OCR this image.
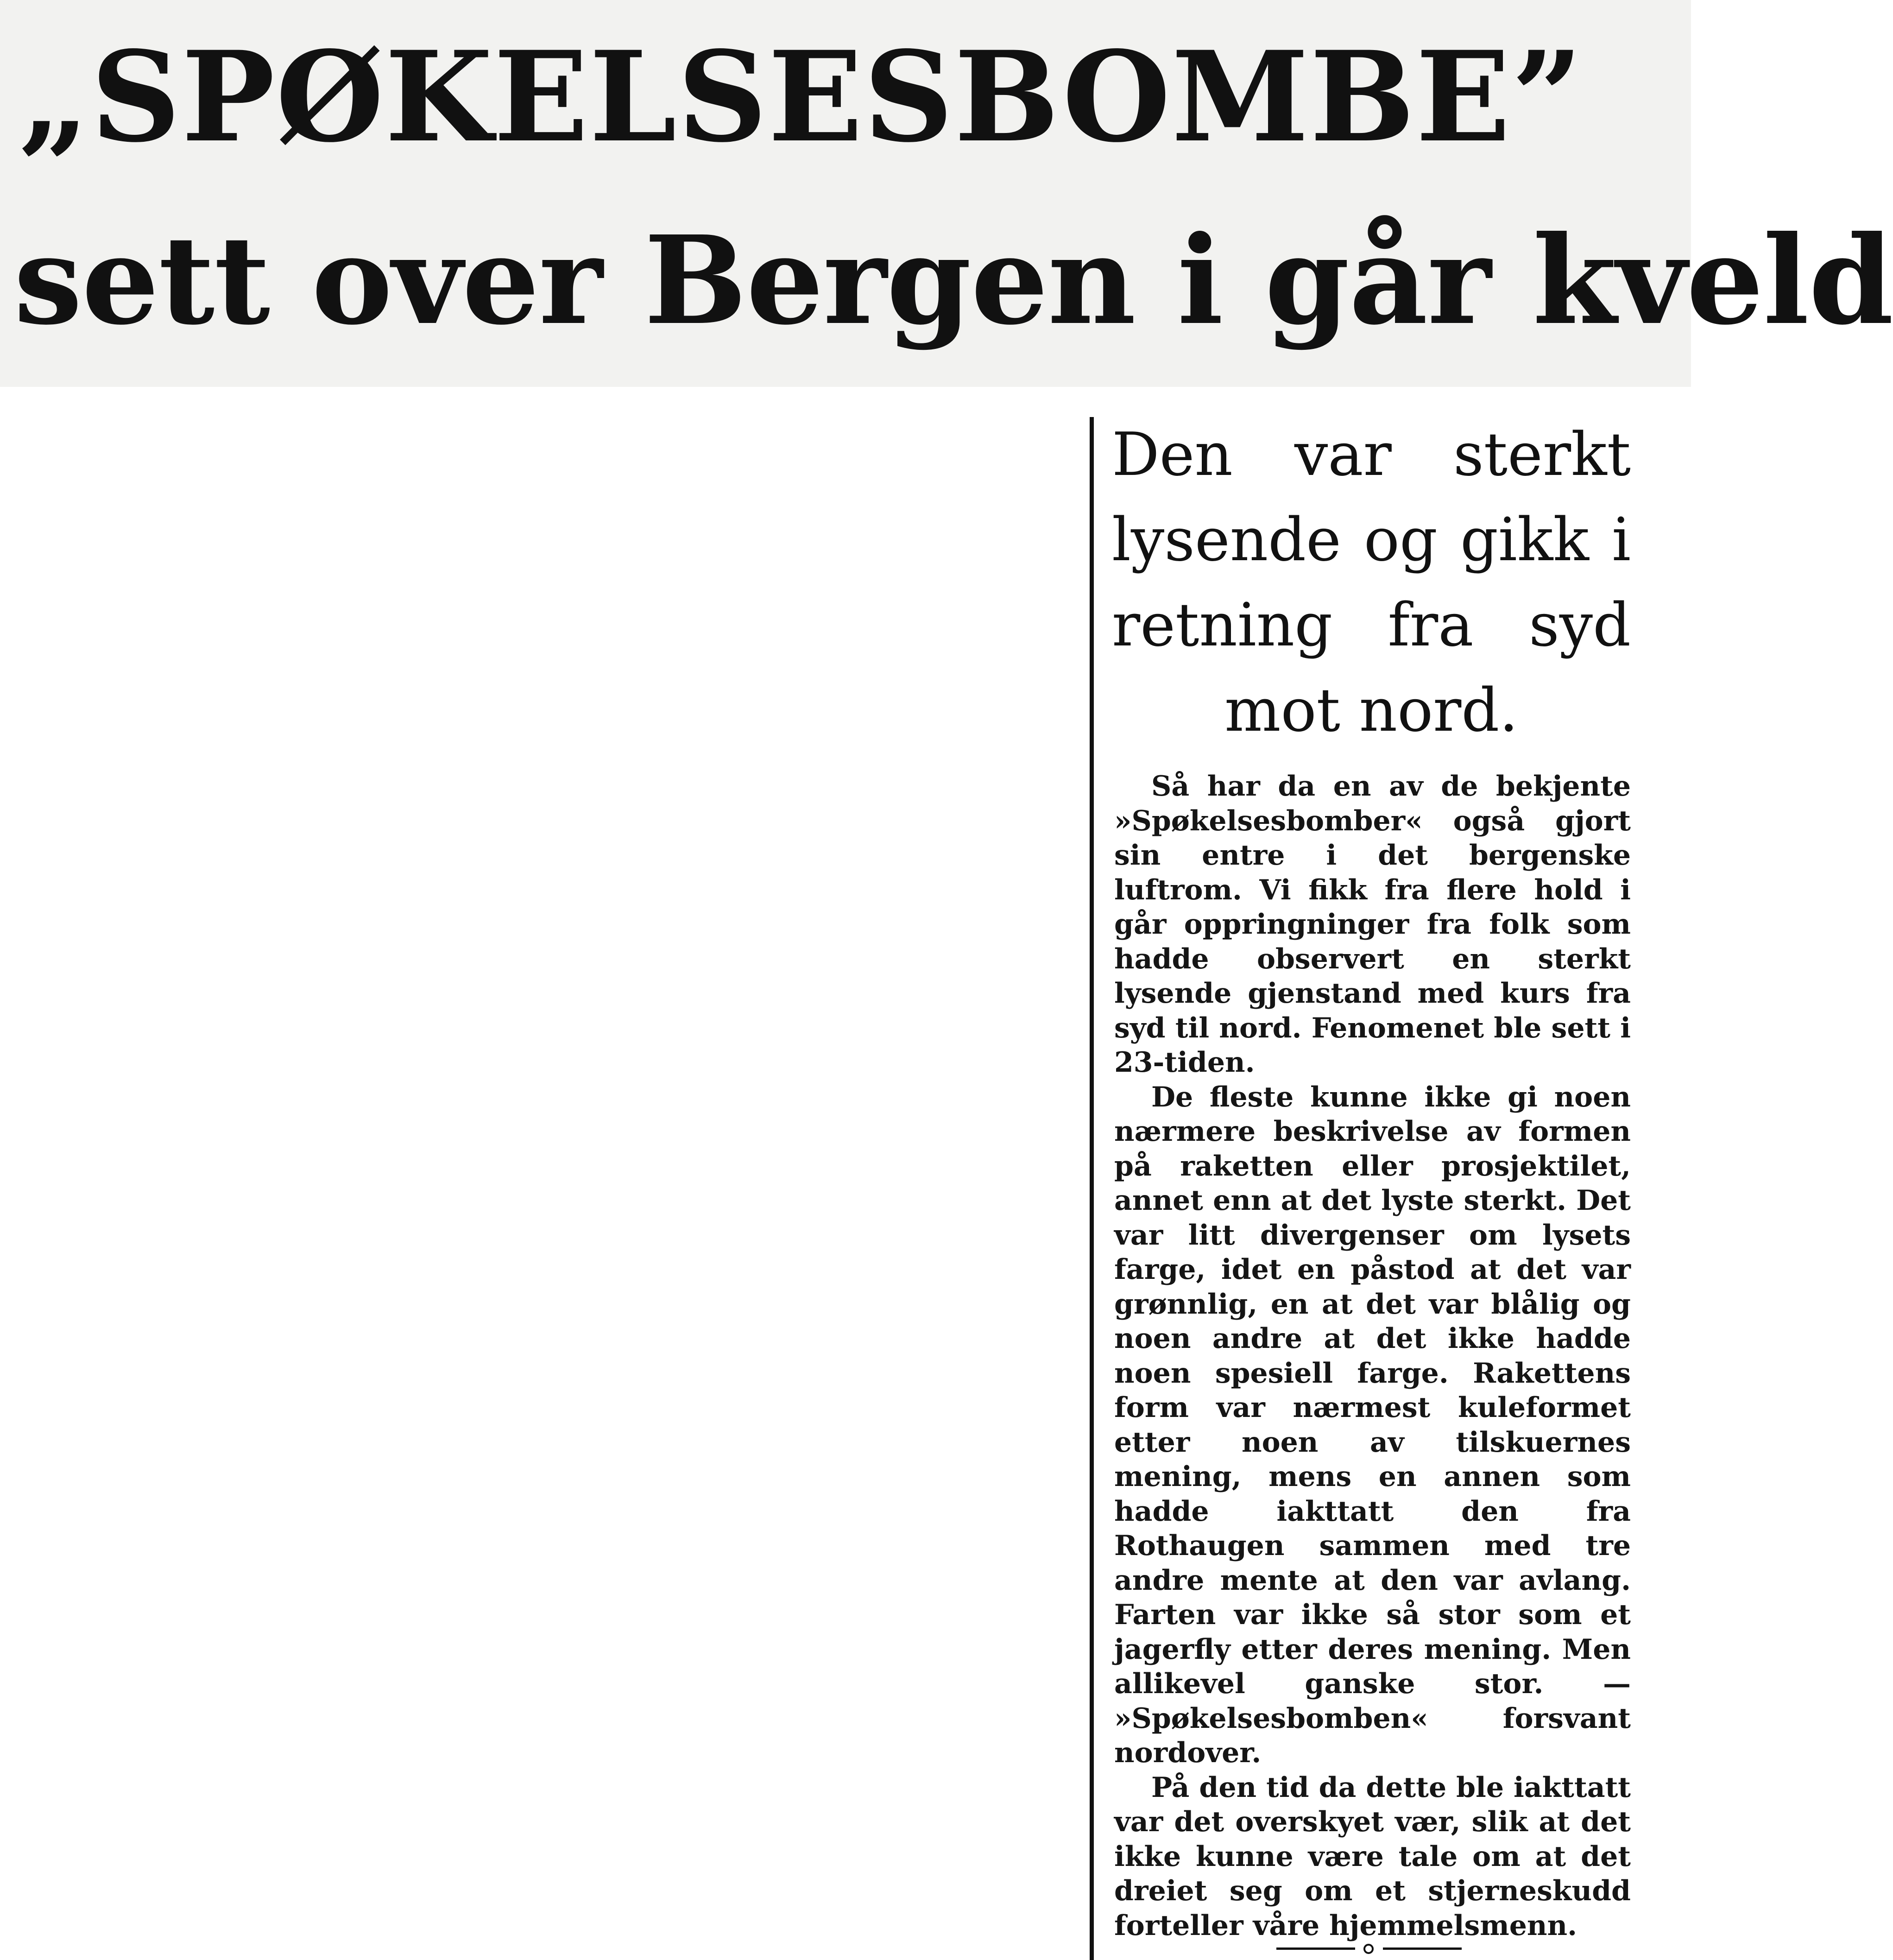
„SPØKELSESBOMBE”
sett over Bergen i går kveld
Den var sterkt lysende og gikk i retning fra syd mot nord.

Så har da en av de bekjente »Spøkelsesbomber« også gjort sin entre i det bergenske luftrom. Vi fikk fra flere hold i går oppringninger fra folk som hadde observert en sterkt lysende gjenstand med kurs fra syd til nord. Fenomenet ble sett i 23-tiden.

De fleste kunne ikke gi noen nærmere beskrivelse av formen på raketten eller prosjektilet, annet enn at det lyste sterkt. Det var litt divergenser om lysets farge, idet en påstod at det var grønnlig, en at det var blålig og noen andre at det ikke hadde noen spesiell farge. Rakettens form var nærmest kuleformet etter noen av tilskuernes mening, mens en annen som hadde iakttatt den fra Rothaugen sammen med tre andre mente at den var avlang. Farten var ikke så stor som et jagerfly etter deres mening. Men allikevel ganske stor. — »Spøkelsesbomben« forsvant nordover.

På den tid da dette ble iakttatt var det overskyet vær, slik at det ikke kunne være tale om at det dreiet seg om et stjerneskudd forteller våre hjemmelsmenn.
